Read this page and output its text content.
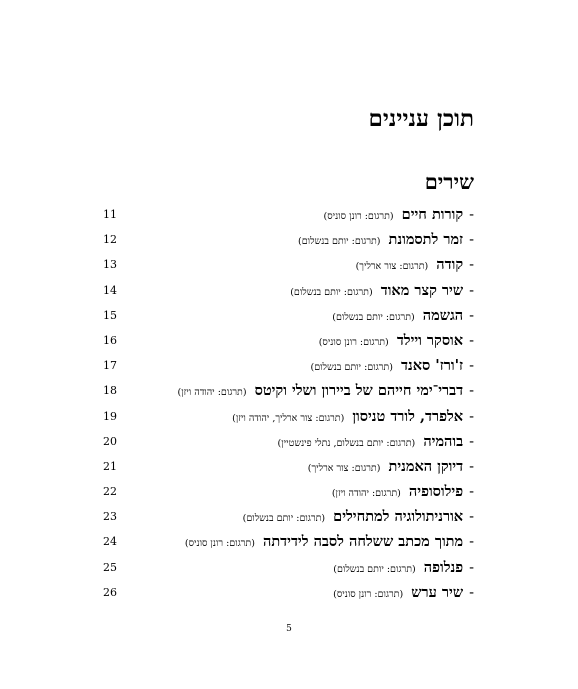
תוכן עניינים
שירים
-קורות חיים (תרגום: רונן סוניס)
11
-זמר לתסמונת (תרגום: יותם בנשלום)
12
-קודה (תרגום: צור ארליך)
13
-שיר קצר מאוד (תרגום: יותם בנשלום)
14
-הגשמה (תרגום: יותם בנשלום)
15
-אוסקר ויילד (תרגום: רונן סוניס)
16
-ז'ורז' סאנד (תרגום: יותם בנשלום)
17
-דברי־ימי חייהם של ביירון ושלי וקיטס (תרגום: יהודה ויזן)
18
-אלפרד, לורד טניסון (תרגום: צור ארליך, יהודה ויזן)
19
-בוהמיה (תרגום: יותם בנשלום, נתלי פינשטיין)
20
-דיוקן האמנית (תרגום: צור ארליך)
21
-פילוסופיה (תרגום: יהודה ויזן)
22
-אורניתולוגיה למתחילים (תרגום: יותם בנשלום)
23
-מתוך מכתב ששלחה לסבה לידידתה (תרגום: רונן סוניס)
24
-פנלופה (תרגום: יותם בנשלום)
25
-שיר ערש (תרגום: רונן סוניס)
26
5
